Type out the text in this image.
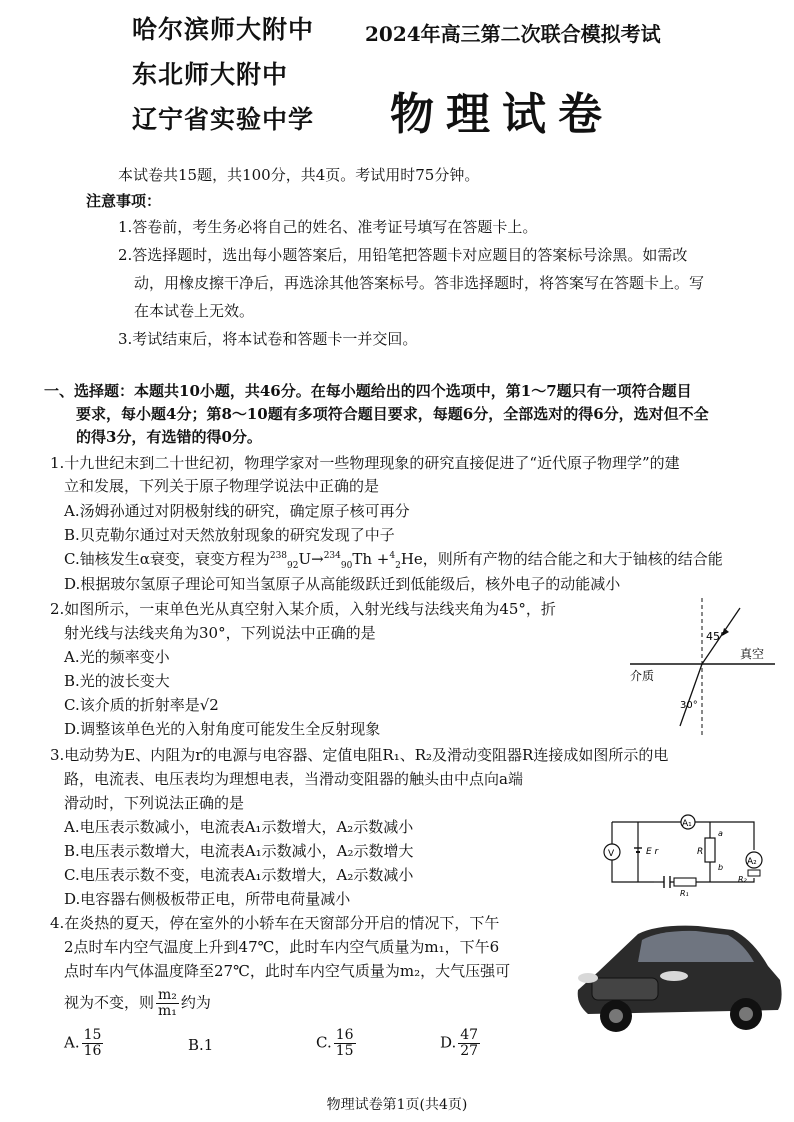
哈尔滨师大附中
东北师大附中
辽宁省实验中学
2024年高三第二次联合模拟考试
物理试卷
本试卷共15题，共100分，共4页。考试用时75分钟。
注意事项：
1.答卷前，考生务必将自己的姓名、准考证号填写在答题卡上。
2.答选择题时，选出每小题答案后，用铅笔把答题卡对应题目的答案标号涂黑。如需改
动，用橡皮擦干净后，再选涂其他答案标号。答非选择题时，将答案写在答题卡上。写
在本试卷上无效。
3.考试结束后，将本试卷和答题卡一并交回。
一、选择题：本题共10小题，共46分。在每小题给出的四个选项中，第1～7题只有一项符合题目
要求，每小题4分；第8～10题有多项符合题目要求，每题6分，全部选对的得6分，选对但不全
的得3分，有选错的得0分。
1.十九世纪末到二十世纪初，物理学家对一些物理现象的研究直接促进了“近代原子物理学”的建
立和发展，下列关于原子物理学说法中正确的是
A.汤姆孙通过对阴极射线的研究，确定原子核可再分
B.贝克勒尔通过对天然放射现象的研究发现了中子
C.铀核发生α衰变，衰变方程为$^{238}_{92}$U→$^{234}_{90}$Th +$^4_2$He，则所有产物的结合能之和大于铀核的结合能
D.根据玻尔氢原子理论可知当氢原子从高能级跃迁到低能级后，核外电子的动能减小
2.如图所示，一束单色光从真空射入某介质，入射光线与法线夹角为45°，折
射光线与法线夹角为30°，下列说法中正确的是
A.光的频率变小
B.光的波长变大
C.该介质的折射率是√2
D.调整该单色光的入射角度可能发生全反射现象
45°
30°
真空
介质
3.电动势为E、内阻为r的电源与电容器、定值电阻R₁、R₂及滑动变阻器R连接成如图所示的电
路，电流表、电压表均为理想电表，当滑动变阻器的触头由中点向a端
滑动时，下列说法正确的是
A.电压表示数减小，电流表A₁示数增大，A₂示数减小
B.电压表示数增大，电流表A₁示数减小，A₂示数增大
C.电压表示数不变，电流表A₁示数增大，A₂示数减小
D.电容器右侧极板带正电，所带电荷量减小
A₁
A₂
V	E r	R
a
b
R₂
R₁
4.在炎热的夏天，停在室外的小轿车在天窗部分开启的情况下，下午
2点时车内空气温度上升到47℃，此时车内空气质量为m₁，下午6
点时车内气体温度降至27℃，此时车内空气质量为m₂，大气压强可
视为不变，则 $\frac{\text{m₂}}{\text{m₁}}$ 约为
A. $\frac{15}{16}$	B.1	C. $\frac{16}{15}$	D. $\frac{47}{27}$
物理试卷第1页(共4页)
